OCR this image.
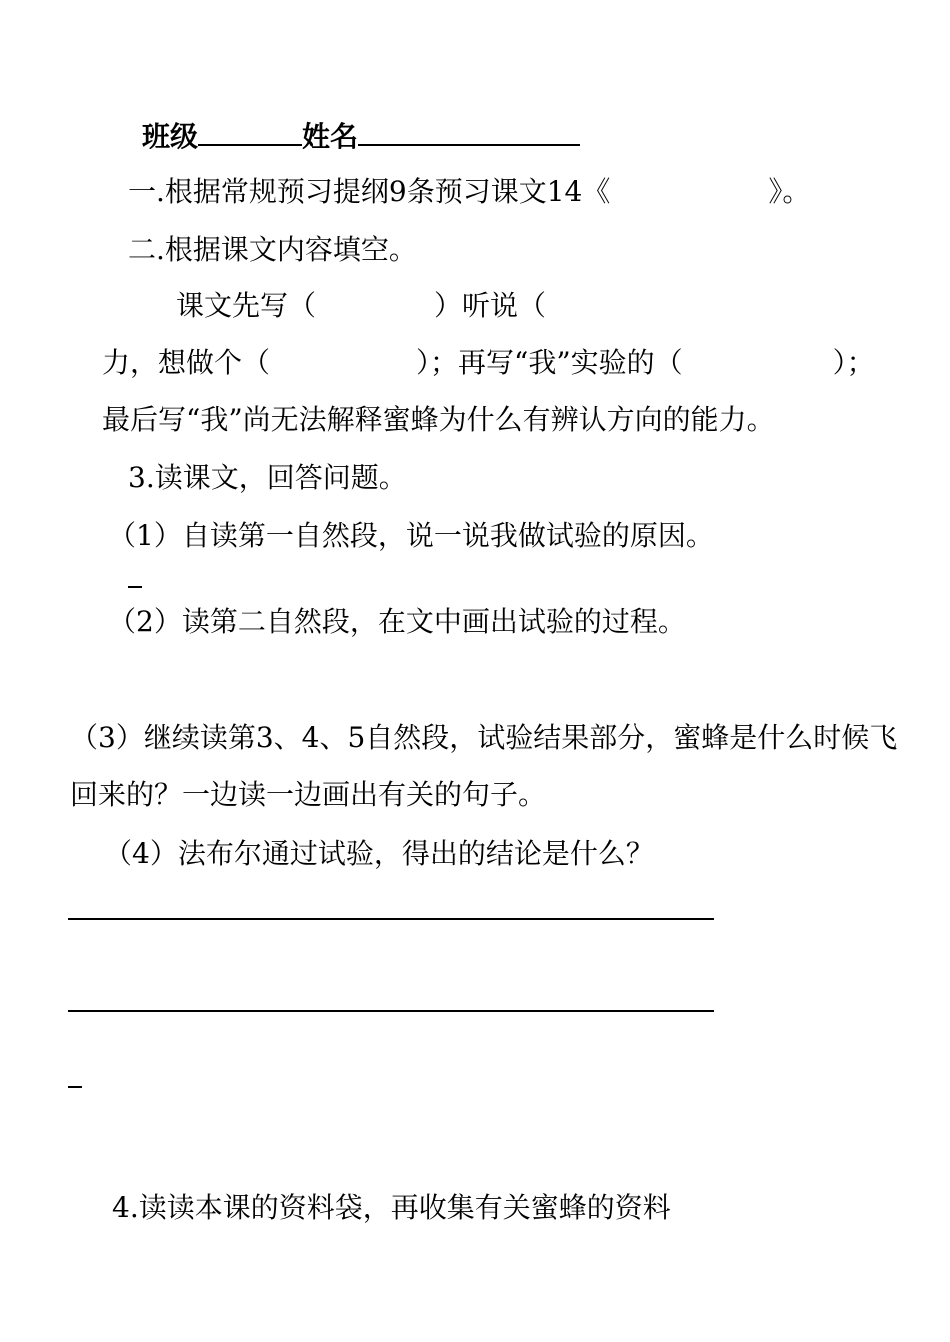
班级	姓名
一.根据常规预习提纲9条预习课文14《	》。
二.根据课文内容填空。
课文先写（	）听说（
力，想做个（	）；再写“我”实验的（	）；
最后写“我”尚无法解释蜜蜂为什么有辨认方向的能力。
3.读课文，回答问题。
（1）自读第一自然段，说一说我做试验的原因。
（2）读第二自然段，在文中画出试验的过程。
（3）继续读第3、4、5自然段，试验结果部分，蜜蜂是什么时候飞
回来的？一边读一边画出有关的句子。
（4）法布尔通过试验，得出的结论是什么？
4.读读本课的资料袋，再收集有关蜜蜂的资料
